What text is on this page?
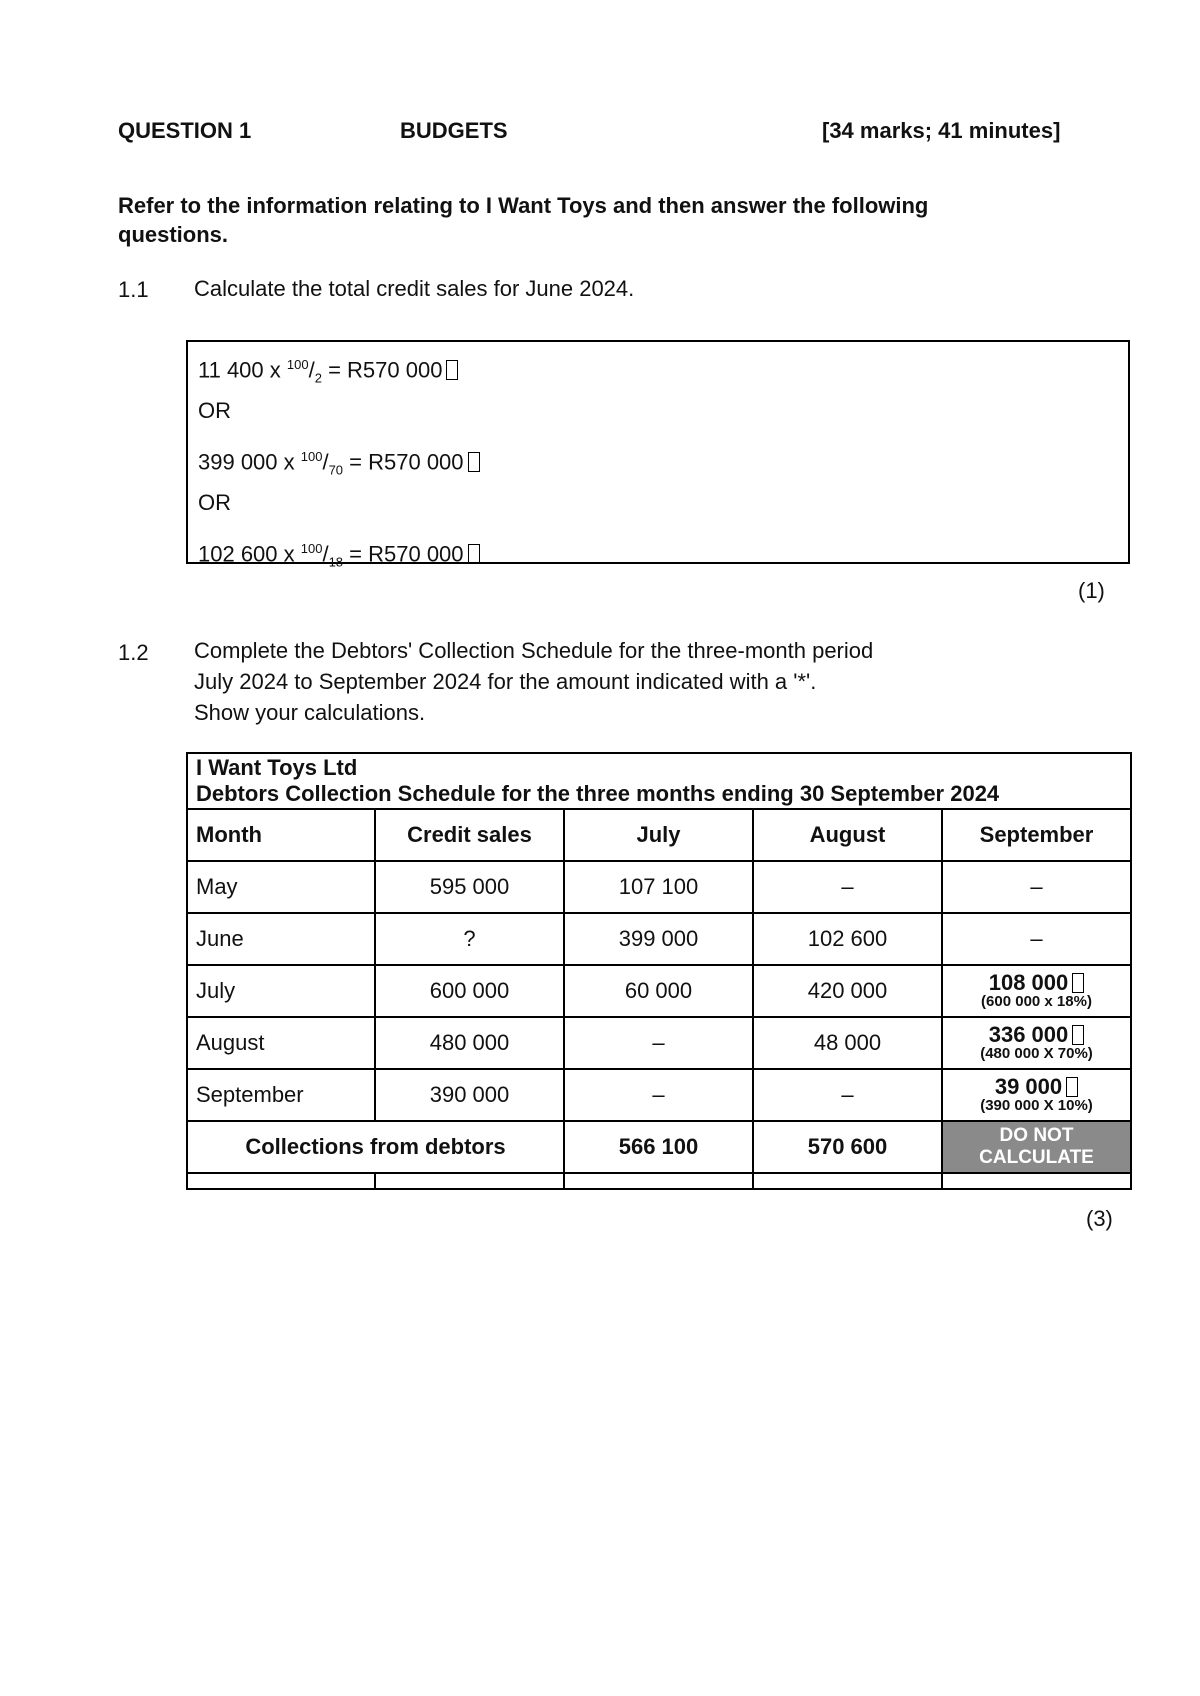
QUESTION 1	BUDGETS	[34 marks; 41 minutes]
Refer to the information relating to I Want Toys and then answer the following questions.
1.1 Calculate the total credit sales for June 2024.
11 400 x $^{100}/_2 = R570$ 000
OR
399 000 x $^{100}/_{70} = R570$ 000
OR
102 600 x $^{100}/_{18} = R570$ 000
(1)
1.2 Complete the Debtors' Collection Schedule for the three-month period
July 2024 to September 2024 for the amount indicated with a '*'.
Show your calculations.
I Want Toys Ltd
Debtors Collection Schedule for the three months ending 30 September 2024				

Month	Credit sales	July	August	September
May	595 000	107 100	–	–
June	?	399 000	102 600	–
July	600 000	60 000	420 000	108 000
(600 000 x 18%)

August	480 000	–	48 000	336 000
(480 000 X 70%)

September	390 000	–	–	39 000
(390 000 X 10%)

Collections from debtors		566 100	570 600	DO NOT
CALCULATE

(3)
